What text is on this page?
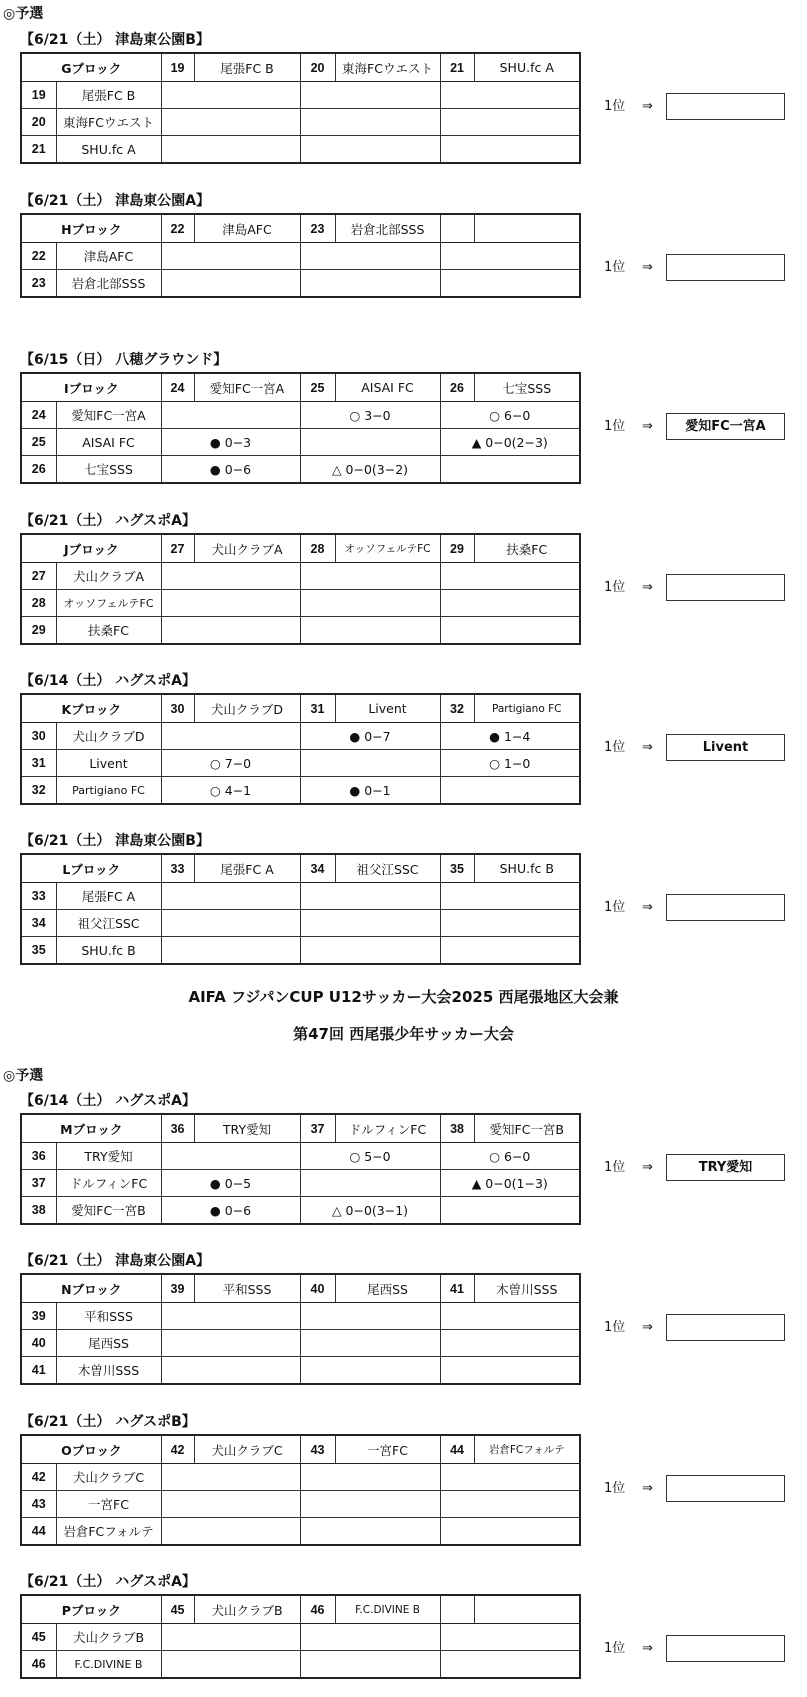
◎予選
AIFA フジパンCUP U12サッカー大会2025 西尾張地区大会兼
第47回 西尾張少年サッカー大会
◎予選
【6/21（土） 津島東公園B】
Gブロック		19	尾張FC B	20	東海FCウエスト	21	SHU.fc A
19	尾張FC B						
20	東海FCウエスト						
21	SHU.fc A						
1位 ⇒
【6/21（土） 津島東公園A】
Hブロック		22	津島AFC	23	岩倉北部SSS		
22	津島AFC						
23	岩倉北部SSS						
1位 ⇒
【6/15（日） 八穂グラウンド】
Iブロック		24	愛知FC一宮A	25	AISAI FC	26	七宝SSS
24	愛知FC一宮A			○ 3−0		○ 6−0	
25	AISAI FC	● 0−3				▲ 0−0(2−3)	
26	七宝SSS	● 0−6		△ 0−0(3−2)			
1位 ⇒	愛知FC一宮A
【6/21（土） ハグスポA】
Jブロック		27	犬山クラブA	28	オッソフェルテFC	29	扶桑FC
27	犬山クラブA						
28	オッソフェルテFC						
29	扶桑FC						
1位 ⇒
【6/14（土） ハグスポA】
Kブロック		30	犬山クラブD	31	Livent	32	Partigiano FC
30	犬山クラブD			● 0−7		● 1−4	
31	Livent	○ 7−0				○ 1−0	
32	Partigiano FC	○ 4−1		● 0−1			
1位 ⇒	Livent
【6/21（土） 津島東公園B】
Lブロック		33	尾張FC A	34	祖父江SSC	35	SHU.fc B
33	尾張FC A						
34	祖父江SSC						
35	SHU.fc B						
1位 ⇒
【6/14（土） ハグスポA】
Mブロック		36	TRY愛知	37	ドルフィンFC	38	愛知FC一宮B
36	TRY愛知			○ 5−0		○ 6−0	
37	ドルフィンFC	● 0−5				▲ 0−0(1−3)	
38	愛知FC一宮B	● 0−6		△ 0−0(3−1)			
1位 ⇒	TRY愛知
【6/21（土） 津島東公園A】
Nブロック		39	平和SSS	40	尾西SS	41	木曽川SSS
39	平和SSS						
40	尾西SS						
41	木曽川SSS						
1位 ⇒
【6/21（土） ハグスポB】
Oブロック		42	犬山クラブC	43	一宮FC	44	岩倉FCフォルテ
42	犬山クラブC						
43	一宮FC						
44	岩倉FCフォルテ						
1位 ⇒
【6/21（土） ハグスポA】
Pブロック		45	犬山クラブB	46	F.C.DIVINE B		
45	犬山クラブB						
46	F.C.DIVINE B						
1位 ⇒
